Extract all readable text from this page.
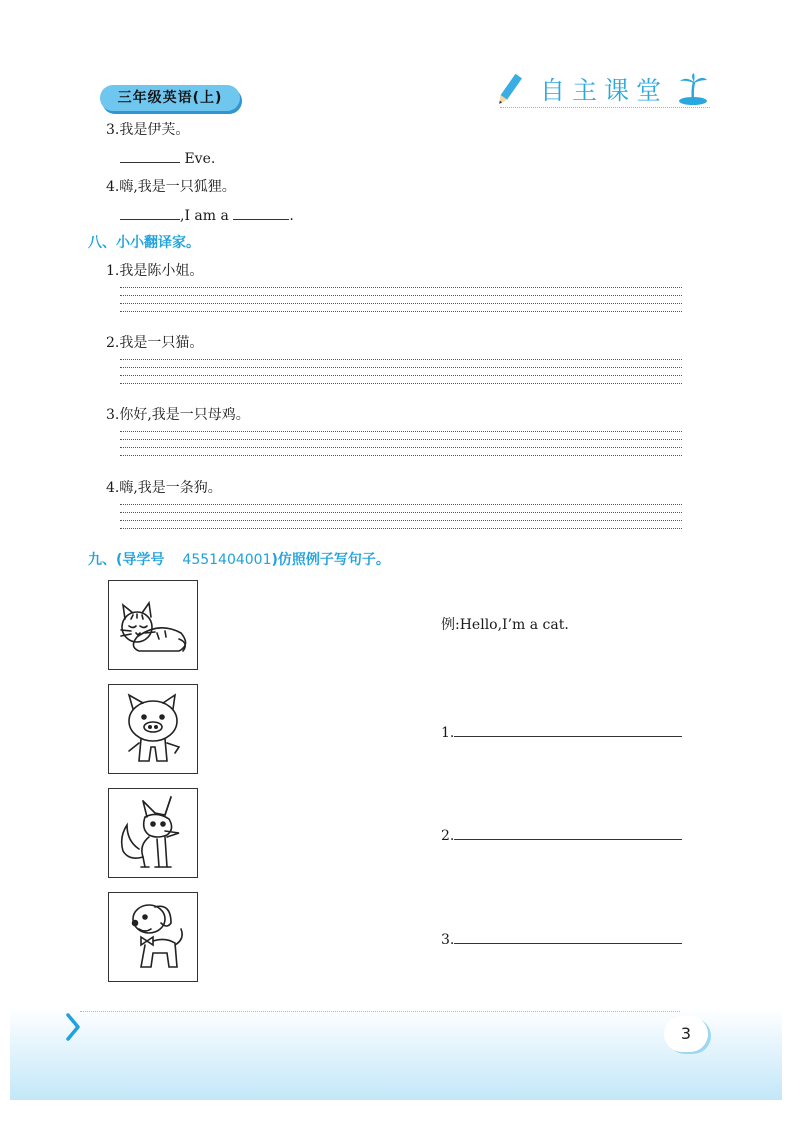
三年级英语(上)	自主课堂
3.我是伊芙。
Eve.
4.嗨,我是一只狐狸。
,I am a	.
八、小小翻译家。
1.我是陈小姐。
2.我是一只猫。
3.你好,我是一只母鸡。
4.嗨,我是一条狗。
九、(导学号 4551404001)仿照例子写句子。
例:Hello,I’m a cat.
1.
2.
3.
3
